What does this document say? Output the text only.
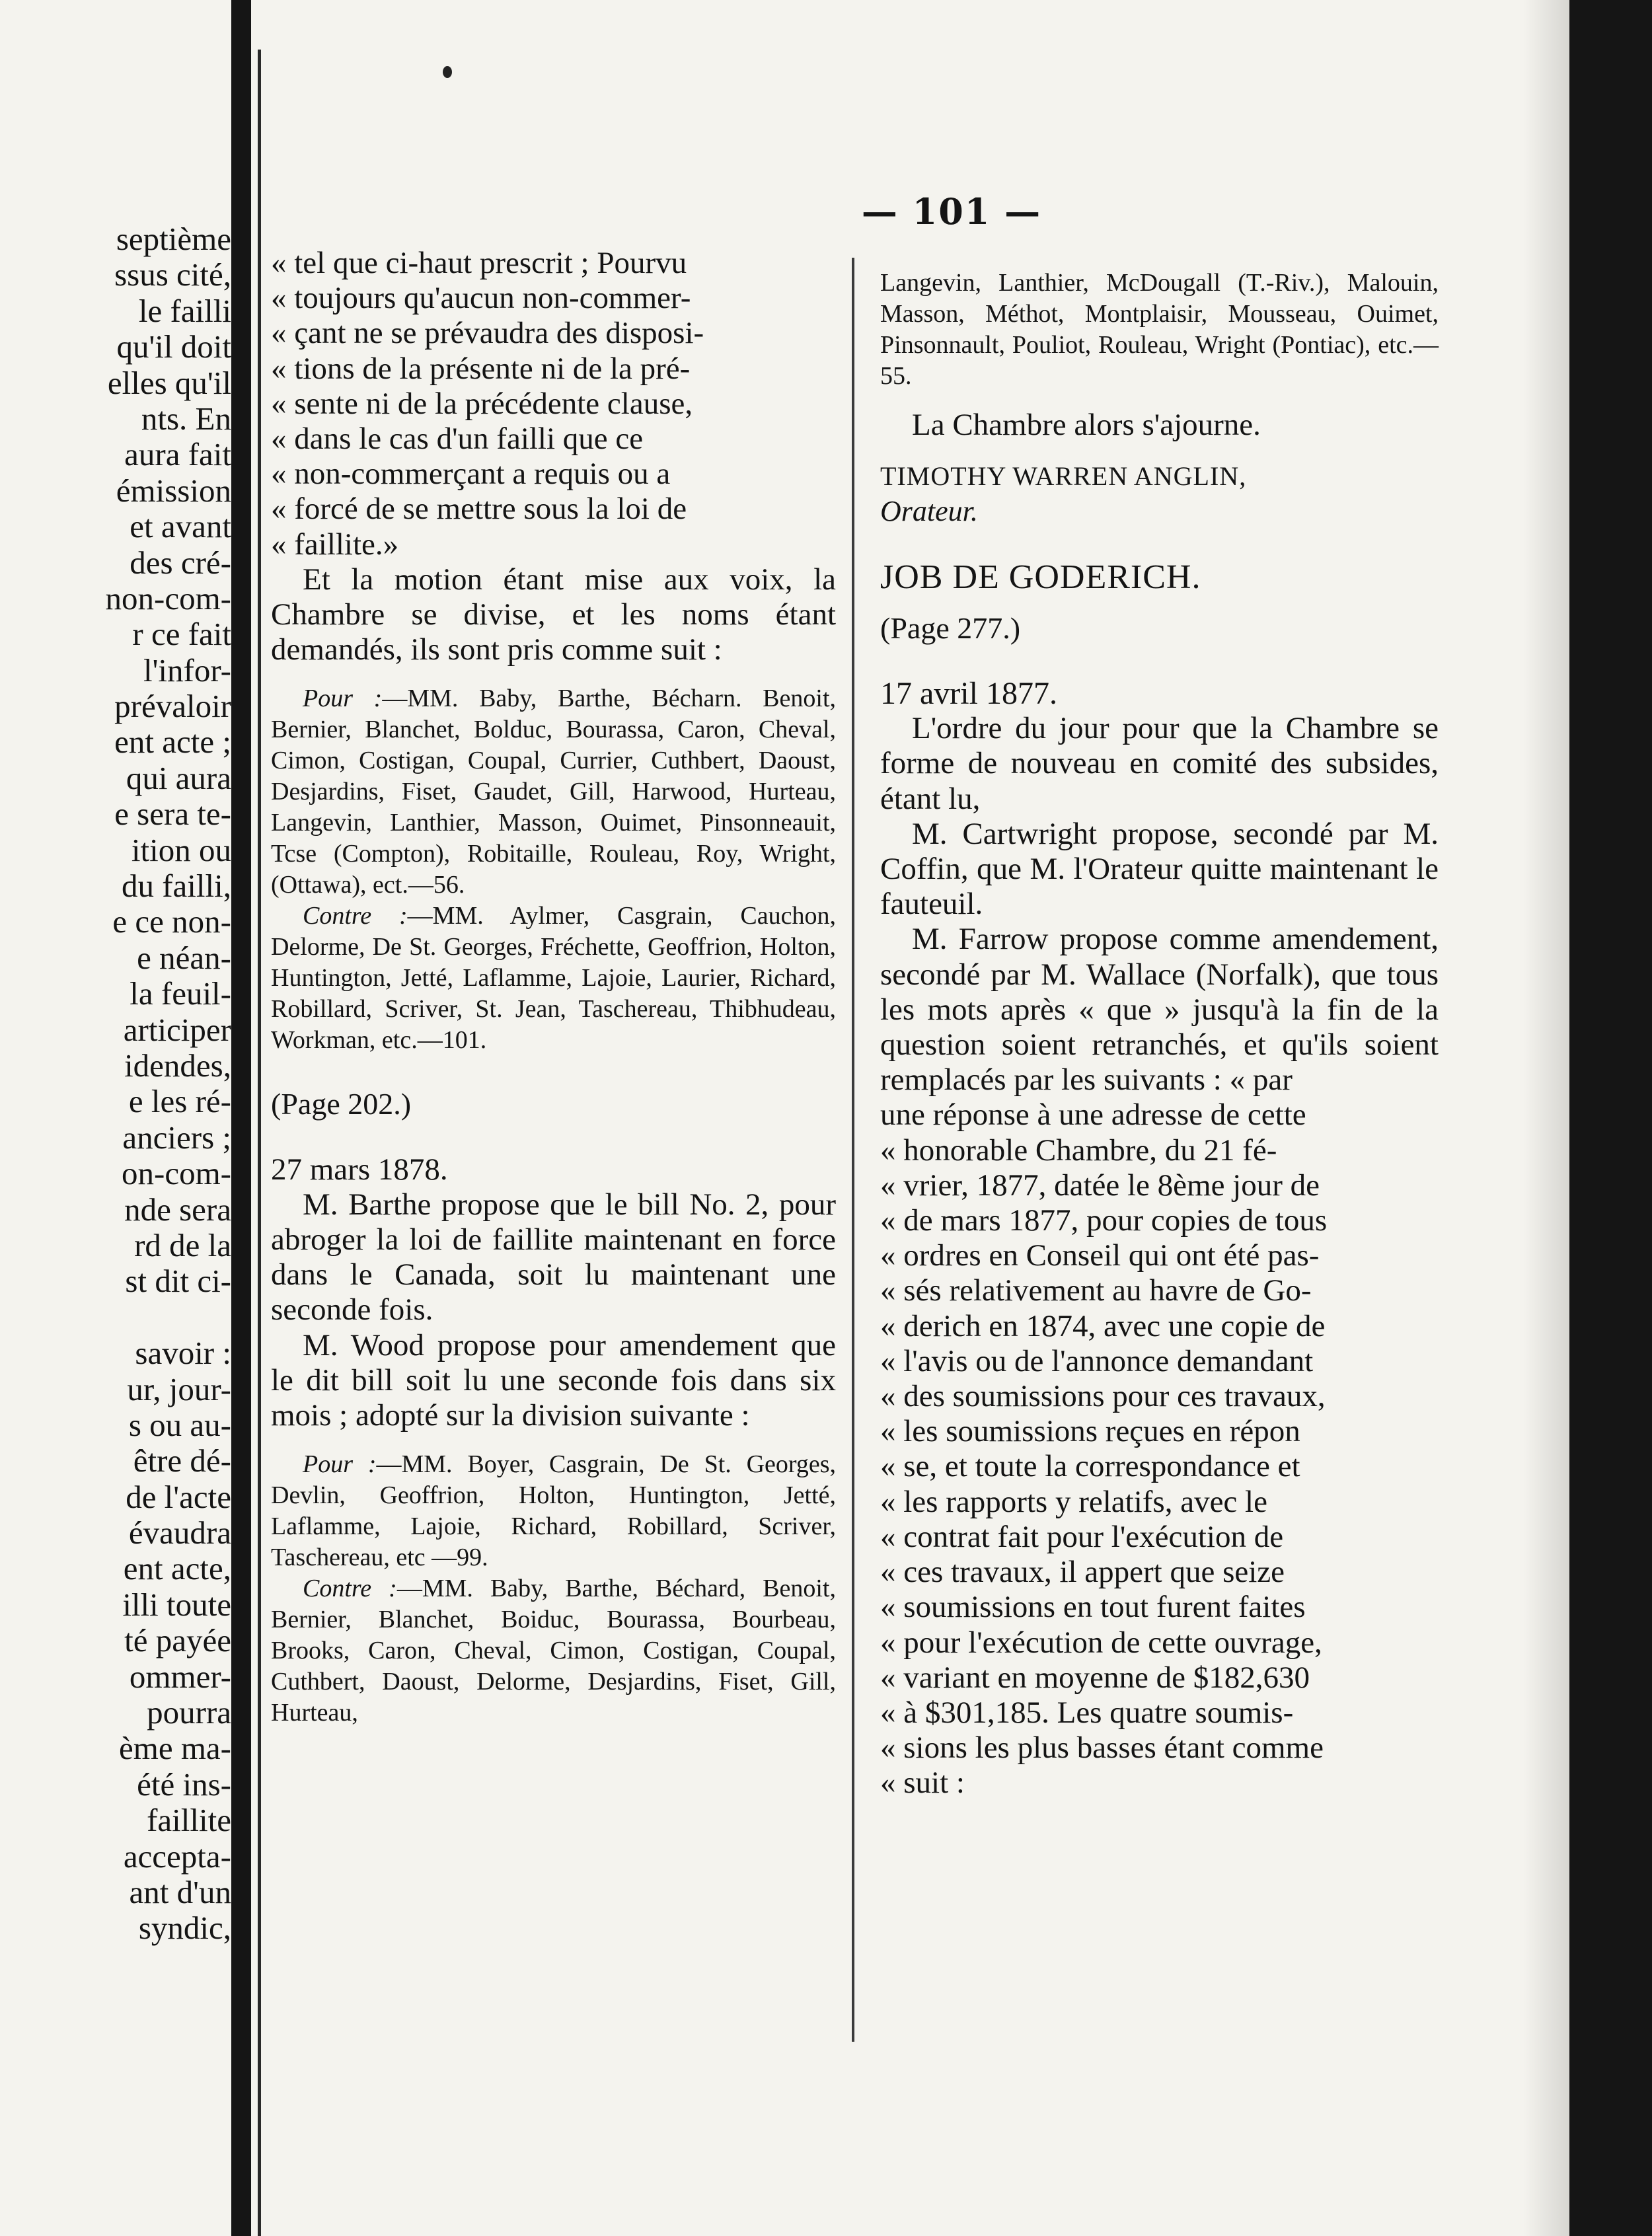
septième
ssus cité,
le failli
qu'il doit
elles qu'il
nts. En
aura fait
émission
et avant
des cré-
non-com-
r ce fait
l'infor-
prévaloir
ent acte ;
qui aura
e sera te-
ition ou
du failli,
e ce non-
e néan-
la feuil-
articiper
idendes,
e les ré-
anciers ;
on-com-
nde sera
rd de la
st dit ci-
savoir :
ur, jour-
s ou au-
être dé-
de l'acte
évaudra
ent acte,
illi toute
té payée
ommer-
pourra
ème ma-
été ins-
faillite
accepta-
ant d'un
syndic,
— 101 —
« tel que ci-haut prescrit ; Pourvu
« toujours qu'aucun non-commer-
« çant ne se prévaudra des disposi-
« tions de la présente ni de la pré-
« sente ni de la précédente clause,
« dans le cas d'un failli que ce
« non-commerçant a requis ou a
« forcé de se mettre sous la loi de
« faillite.»

Et la motion étant mise aux voix, la Chambre se divise, et les noms étant demandés, ils sont pris comme suit :

Pour :—MM. Baby, Barthe, Bécharn. Benoit, Bernier, Blanchet, Bolduc, Bourassa, Caron, Cheval, Cimon, Costigan, Coupal, Currier, Cuthbert, Daoust, Desjardins, Fiset, Gaudet, Gill, Harwood, Hurteau, Langevin, Lanthier, Masson, Ouimet, Pinsonneauit, Tcse (Compton), Robitaille, Rouleau, Roy, Wright, (Ottawa), ect.—56.

Contre :—MM. Aylmer, Casgrain, Cauchon, Delorme, De St. Georges, Fréchette, Geoffrion, Holton, Huntington, Jetté, Laflamme, Lajoie, Laurier, Richard, Robillard, Scriver, St. Jean, Taschereau, Thibhudeau, Workman, etc.—101.

(Page 202.)

27 mars 1878.

M. Barthe propose que le bill No. 2, pour abroger la loi de faillite maintenant en force dans le Canada, soit lu maintenant une seconde fois.

M. Wood propose pour amendement que le dit bill soit lu une seconde fois dans six mois ; adopté sur la division suivante :

Pour :—MM. Boyer, Casgrain, De St. Georges, Devlin, Geoffrion, Holton, Huntington, Jetté, Laflamme, Lajoie, Richard, Robillard, Scriver, Taschereau, etc —99.

Contre :—MM. Baby, Barthe, Béchard, Benoit, Bernier, Blanchet, Boiduc, Bourassa, Bourbeau, Brooks, Caron, Cheval, Cimon, Costigan, Coupal, Cuthbert, Daoust, Delorme, Desjardins, Fiset, Gill, Hurteau,

Langevin, Lanthier, McDougall (T.-Riv.), Malouin, Masson, Méthot, Montplaisir, Mousseau, Ouimet, Pinsonnault, Pouliot, Rouleau, Wright (Pontiac), etc.—55.

La Chambre alors s'ajourne.

TIMOTHY WARREN ANGLIN,

Orateur.

JOB DE GODERICH.

(Page 277.)

17 avril 1877.

L'ordre du jour pour que la Chambre se forme de nouveau en comité des subsides, étant lu,

M. Cartwright propose, secondé par M. Coffin, que M. l'Orateur quitte maintenant le fauteuil.

M. Farrow propose comme amendement, secondé par M. Wallace (Norfalk), que tous les mots après « que » jusqu'à la fin de la question soient retranchés, et qu'ils soient remplacés par les suivants : « par

une réponse à une adresse de cette
« honorable Chambre, du 21 fé-
« vrier, 1877, datée le 8ème jour de
« de mars 1877, pour copies de tous
« ordres en Conseil qui ont été pas-
« sés relativement au havre de Go-
« derich en 1874, avec une copie de
« l'avis ou de l'annonce demandant
« des soumissions pour ces travaux,
« les soumissions reçues en répon
« se, et toute la correspondance et
« les rapports y relatifs, avec le
« contrat fait pour l'exécution de
« ces travaux, il appert que seize
« soumissions en tout furent faites
« pour l'exécution de cette ouvrage,
« variant en moyenne de $182,630
« à $301,185. Les quatre soumis-
« sions les plus basses étant comme
« suit :
